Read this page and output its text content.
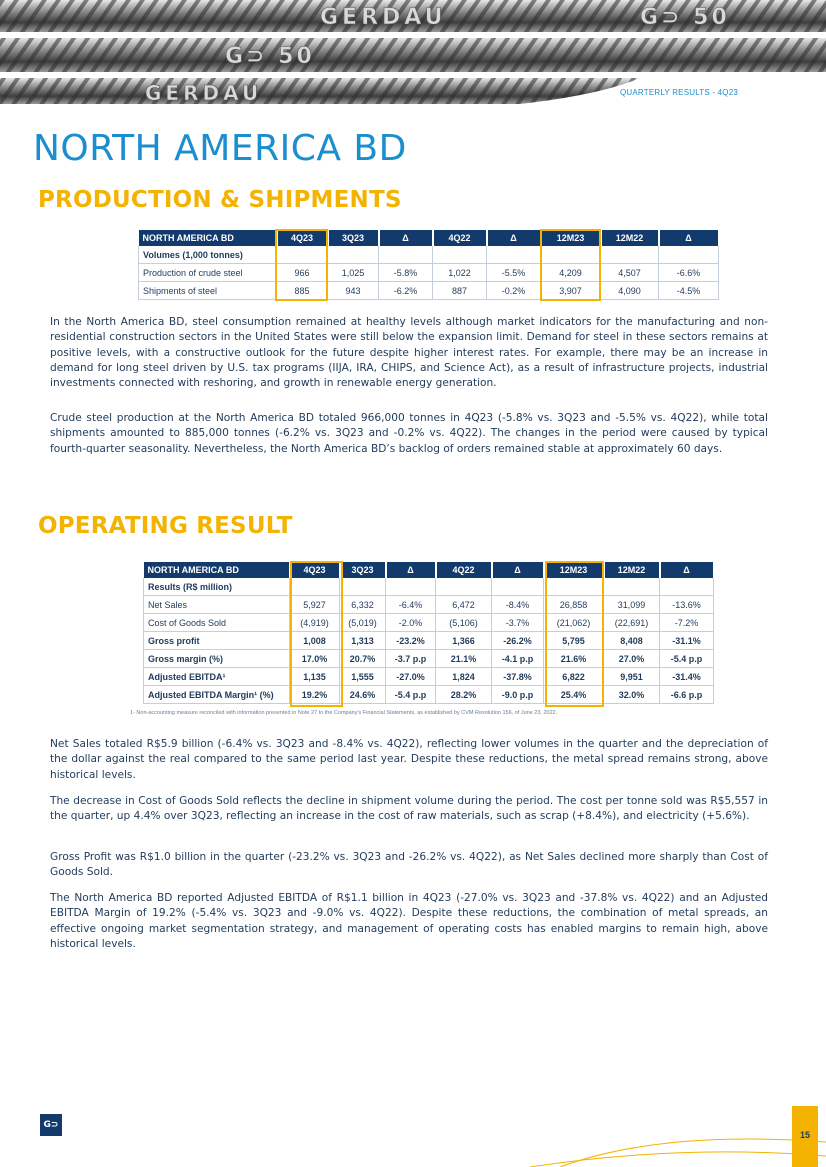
GERDAU	G⊃ 50
G⊃ 50
GERDAU	QUARTERLY RESULTS - 4Q23
NORTH AMERICA BD
PRODUCTION & SHIPMENTS
NORTH AMERICA BD	4Q23	3Q23	Δ	4Q22	Δ	12M23	12M22	Δ
Volumes (1,000 tonnes)								
Production of crude steel	966	1,025	-5.8%	1,022	-5.5%	4,209	4,507	-6.6%
Shipments of steel	885	943	-6.2%	887	-0.2%	3,907	4,090	-4.5%

In the North America BD, steel consumption remained at healthy levels although market indicators for the manufacturing and non-residential construction sectors in the United States were still below the expansion limit. Demand for steel in these sectors remains at positive levels, with a constructive outlook for the future despite higher interest rates. For example, there may be an increase in demand for long steel driven by U.S. tax programs (IIJA, IRA, CHIPS, and Science Act), as a result of infrastructure projects, industrial investments connected with reshoring, and growth in renewable energy generation.

Crude steel production at the North America BD totaled 966,000 tonnes in 4Q23 (-5.8% vs. 3Q23 and -5.5% vs. 4Q22), while total shipments amounted to 885,000 tonnes (-6.2% vs. 3Q23 and -0.2% vs. 4Q22). The changes in the period were caused by typical fourth-quarter seasonality. Nevertheless, the North America BD’s backlog of orders remained stable at approximately 60 days.

OPERATING RESULT
NORTH AMERICA BD	4Q23	3Q23	Δ	4Q22	Δ	12M23	12M22	Δ
Results (R$ million)								
Net Sales	5,927	6,332	-6.4%	6,472	-8.4%	26,858	31,099	-13.6%
Cost of Goods Sold	(4,919)	(5,019)	-2.0%	(5,106)	-3.7%	(21,062)	(22,691)	-7.2%
Gross profit	1,008	1,313	-23.2%	1,366	-26.2%	5,795	8,408	-31.1%
Gross margin (%)	17.0%	20.7%	-3.7 p.p	21.1%	-4.1 p.p	21.6%	27.0%	-5.4 p.p
Adjusted EBITDA¹	1,135	1,555	-27.0%	1,824	-37.8%	6,822	9,951	-31.4%
Adjusted EBITDA Margin¹ (%)	19.2%	24.6%	-5.4 p.p	28.2%	-9.0 p.p	25.4%	32.0%	-6.6 p.p
1- Non-accounting measure reconciled with information presented in Note 27 to the Company's Financial Statements, as established by CVM Resolution 156, of June 23, 2022.

Net Sales totaled R$5.9 billion (-6.4% vs. 3Q23 and -8.4% vs. 4Q22), reflecting lower volumes in the quarter and the depreciation of the dollar against the real compared to the same period last year. Despite these reductions, the metal spread remains strong, above historical levels.

The decrease in Cost of Goods Sold reflects the decline in shipment volume during the period. The cost per tonne sold was R$5,557 in the quarter, up 4.4% over 3Q23, reflecting an increase in the cost of raw materials, such as scrap (+8.4%), and electricity (+5.6%).

Gross Profit was R$1.0 billion in the quarter (-23.2% vs. 3Q23 and -26.2% vs. 4Q22), as Net Sales declined more sharply than Cost of Goods Sold.

The North America BD reported Adjusted EBITDA of R$1.1 billion in 4Q23 (-27.0% vs. 3Q23 and -37.8% vs. 4Q22) and an Adjusted EBITDA Margin of 19.2% (-5.4% vs. 3Q23 and -9.0% vs. 4Q22). Despite these reductions, the combination of metal spreads, an effective ongoing market segmentation strategy, and management of operating costs has enabled margins to remain high, above historical levels.

G⊃
15
